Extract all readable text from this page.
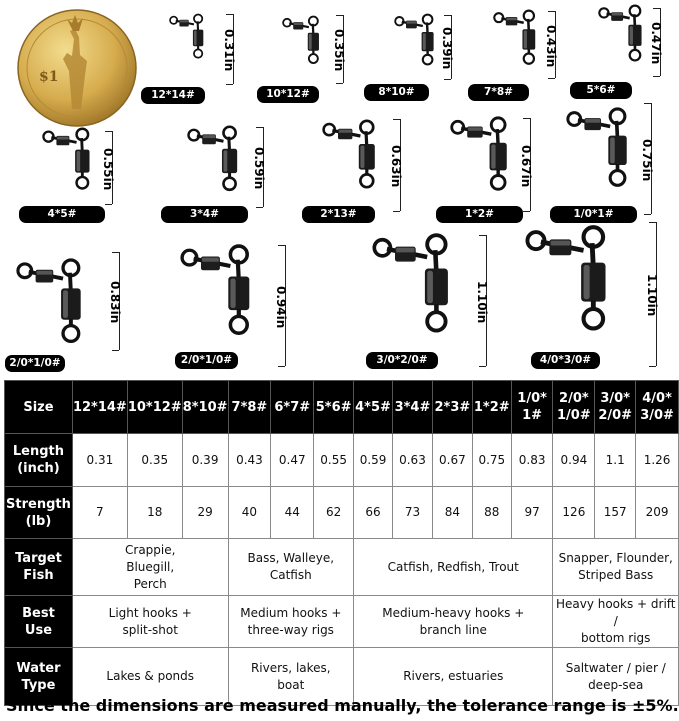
$1
12*14#
0.31in
10*12#
0.35in
8*10#
0.39in
7*8#
0.43in
5*6#
0.47in
4*5#
0.55in
3*4#
0.59in
2*13#
0.63in
1*2#
0.67in
1/0*1#
0.75in
2/0*1/0#
0.83in
2/0*1/0#
0.94in
3/0*2/0#
1.10in
4/0*3/0#
1.10in
Size	12*14#	10*12#	8*10#	7*8#	6*7#	5*6#	4*5#	3*4#	2*3#	1*2#	1/0*
1#	2/0*
1/0#	3/0*
2/0#	4/0*
3/0#
Length
(inch)	0.31	0.35	0.39	0.43	0.47	0.55	0.59	0.63	0.67	0.75	0.83	0.94	1.1	1.26
Strength
(lb)	7	18	29	40	44	62	66	73	84	88	97	126	157	209
Target
Fish	Crappie,
Bluegill,
Perch			Bass, Walleye,
Catfish			Catfish, Redfish, Trout					Snapper, Flounder,
Striped Bass		
Best
Use	Light hooks +
split-shot			Medium hooks +
three-way rigs			Medium-heavy hooks +
branch line					Heavy hooks + drift /
bottom rigs		
Water
Type	Lakes & ponds			Rivers, lakes,
boat			Rivers, estuaries					Saltwater / pier /
deep-sea		
Since the dimensions are measured manually, the tolerance range is ±5%.
